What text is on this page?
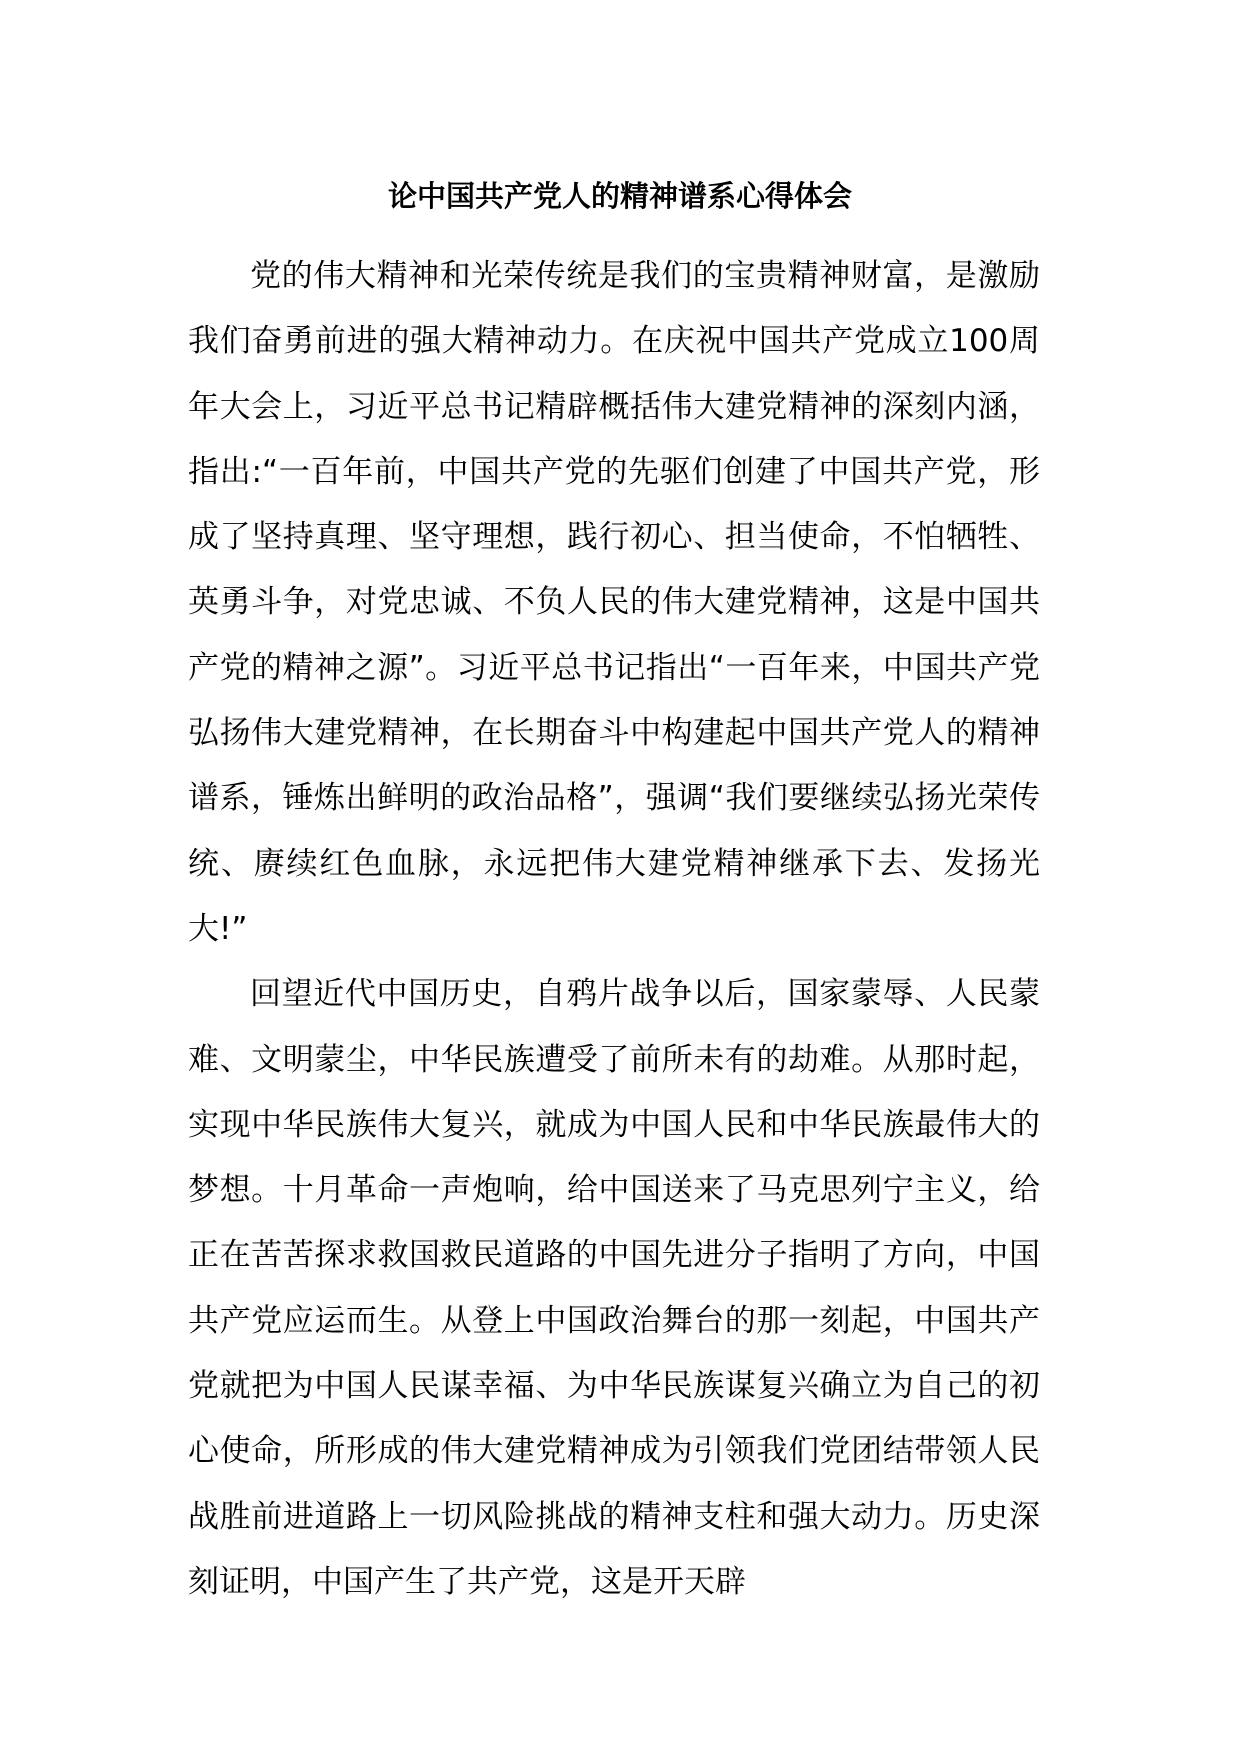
论中国共产党人的精神谱系心得体会

党的伟大精神和光荣传统是我们的宝贵精神财富，是激励我们奋勇前进的强大精神动力。在庆祝中国共产党成立100周年大会上，习近平总书记精辟概括伟大建党精神的深刻内涵，指出:“一百年前，中国共产党的先驱们创建了中国共产党，形成了坚持真理、坚守理想，践行初心、担当使命，不怕牺牲、英勇斗争，对党忠诚、不负人民的伟大建党精神，这是中国共产党的精神之源”。习近平总书记指出“一百年来，中国共产党弘扬伟大建党精神，在长期奋斗中构建起中国共产党人的精神谱系，锤炼出鲜明的政治品格”，强调“我们要继续弘扬光荣传统、赓续红色血脉，永远把伟大建党精神继承下去、发扬光大!”

回望近代中国历史，自鸦片战争以后，国家蒙辱、人民蒙难、文明蒙尘，中华民族遭受了前所未有的劫难。从那时起，实现中华民族伟大复兴，就成为中国人民和中华民族最伟大的梦想。十月革命一声炮响，给中国送来了马克思列宁主义，给正在苦苦探求救国救民道路的中国先进分子指明了方向，中国共产党应运而生。从登上中国政治舞台的那一刻起，中国共产党就把为中国人民谋幸福、为中华民族谋复兴确立为自己的初心使命，所形成的伟大建党精神成为引领我们党团结带领人民战胜前进道路上一切风险挑战的精神支柱和强大动力。历史深刻证明，中国产生了共产党，这是开天辟
